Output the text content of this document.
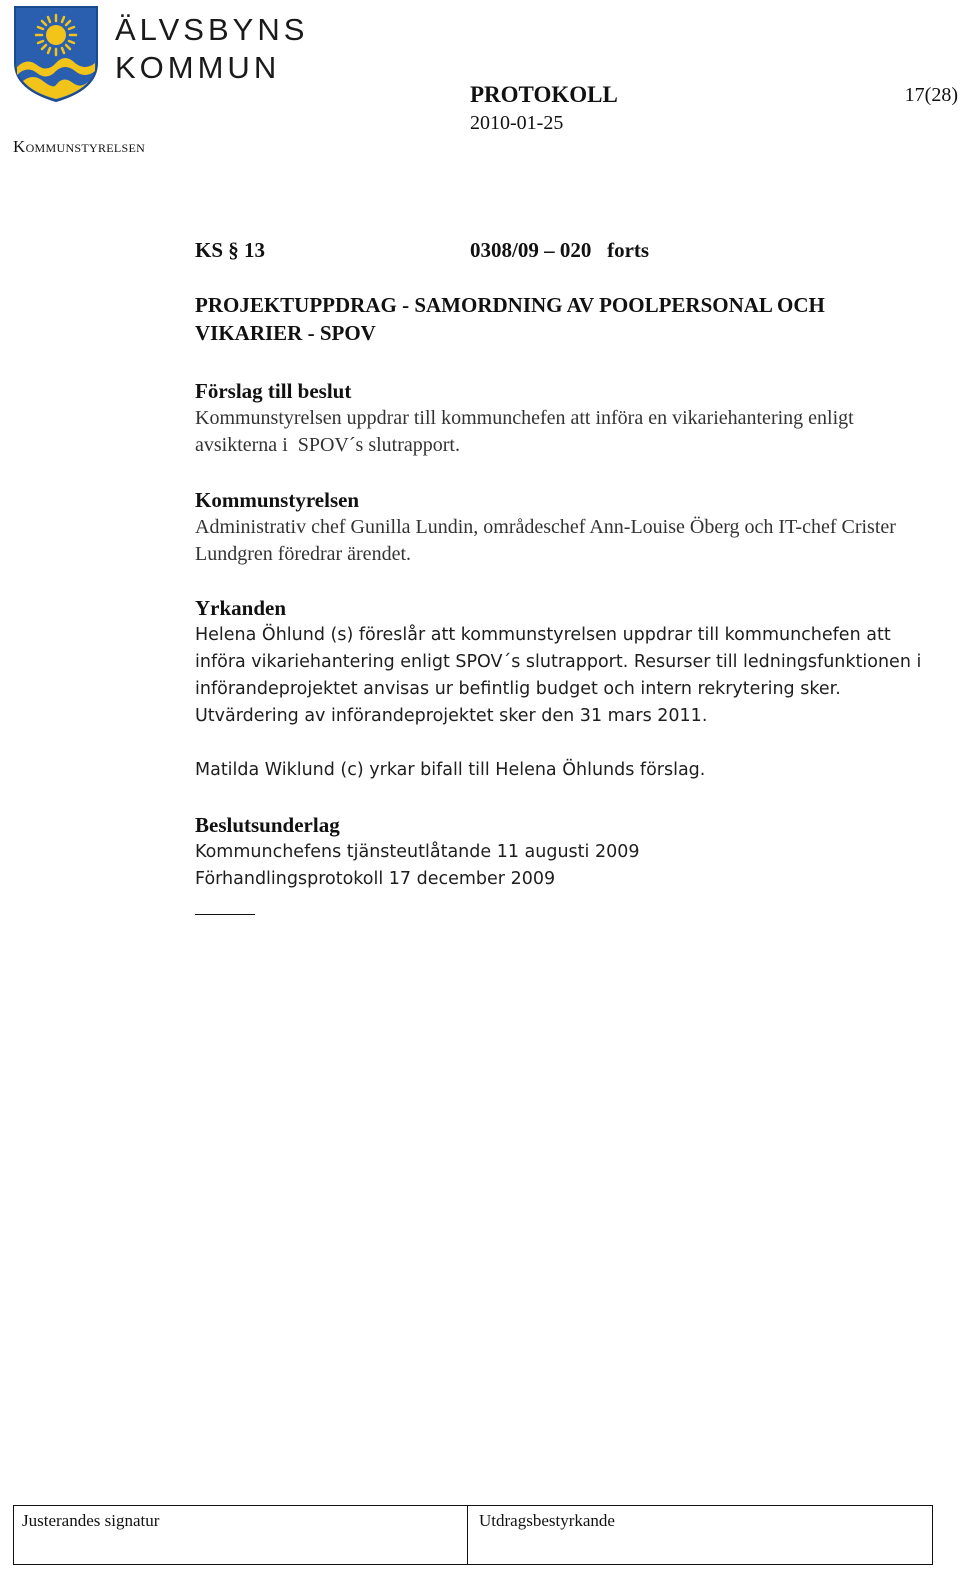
ÄLVSBYNS
KOMMUN
Kommunstyrelsen
PROTOKOLL
2010-01-25
17(28)
KS § 13	0308/09 – 020   forts
PROJEKTUPPDRAG - SAMORDNING AV POOLPERSONAL OCH VIKARIER - SPOV
Förslag till beslut
Kommunstyrelsen uppdrar till kommunchefen att införa en vikariehantering enligt avsikterna i  SPOV´s slutrapport.
Kommunstyrelsen
Administrativ chef Gunilla Lundin, områdeschef Ann-Louise Öberg och IT-chef Crister Lundgren föredrar ärendet.
Yrkanden
Helena Öhlund (s) föreslår att kommunstyrelsen uppdrar till kommunchefen att införa vikariehantering enligt SPOV´s slutrapport. Resurser till ledningsfunktionen i införandeprojektet anvisas ur befintlig budget och intern rekrytering sker. Utvärdering av införandeprojektet sker den 31 mars 2011.
Matilda Wiklund (c) yrkar bifall till Helena Öhlunds förslag.
Beslutsunderlag
Kommunchefens tjänsteutlåtande 11 augusti 2009
Förhandlingsprotokoll 17 december 2009
Justerandes signatur	Utdragsbestyrkande
